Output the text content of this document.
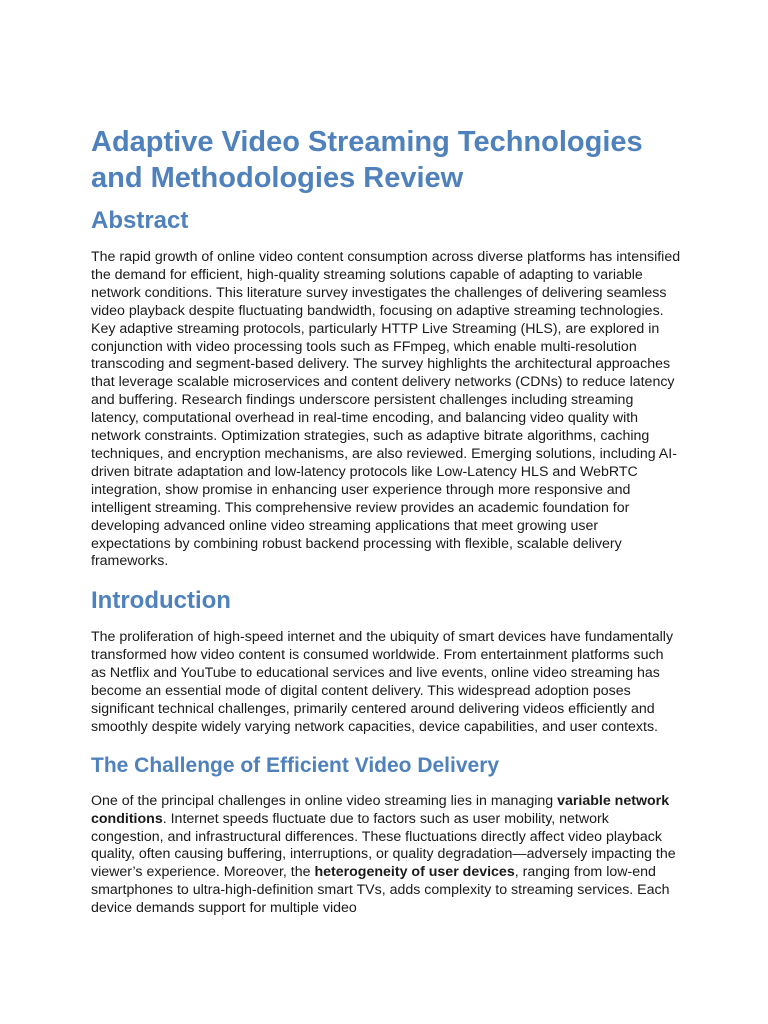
Adaptive Video Streaming Technologies and Methodologies Review
Abstract

The rapid growth of online video content consumption across diverse platforms has intensified the demand for efficient, high-quality streaming solutions capable of adapting to variable network conditions. This literature survey investigates the challenges of delivering seamless video playback despite fluctuating bandwidth, focusing on adaptive streaming technologies. Key adaptive streaming protocols, particularly HTTP Live Streaming (HLS), are explored in conjunction with video processing tools such as FFmpeg, which enable multi-resolution transcoding and segment-based delivery. The survey highlights the architectural approaches that leverage scalable microservices and content delivery networks (CDNs) to reduce latency and buffering. Research findings underscore persistent challenges including streaming latency, computational overhead in real-time encoding, and balancing video quality with network constraints. Optimization strategies, such as adaptive bitrate algorithms, caching techniques, and encryption mechanisms, are also reviewed. Emerging solutions, including AI-driven bitrate adaptation and low-latency protocols like Low-Latency HLS and WebRTC integration, show promise in enhancing user experience through more responsive and intelligent streaming. This comprehensive review provides an academic foundation for developing advanced online video streaming applications that meet growing user expectations by combining robust backend processing with flexible, scalable delivery frameworks.

Introduction

The proliferation of high-speed internet and the ubiquity of smart devices have fundamentally transformed how video content is consumed worldwide. From entertainment platforms such as Netflix and YouTube to educational services and live events, online video streaming has become an essential mode of digital content delivery. This widespread adoption poses significant technical challenges, primarily centered around delivering videos efficiently and smoothly despite widely varying network capacities, device capabilities, and user contexts.

The Challenge of Efficient Video Delivery

One of the principal challenges in online video streaming lies in managing variable network conditions. Internet speeds fluctuate due to factors such as user mobility, network congestion, and infrastructural differences. These fluctuations directly affect video playback quality, often causing buffering, interruptions, or quality degradation—adversely impacting the viewer’s experience. Moreover, the heterogeneity of user devices, ranging from low-end smartphones to ultra-high-definition smart TVs, adds complexity to streaming services. Each device demands support for multiple video
